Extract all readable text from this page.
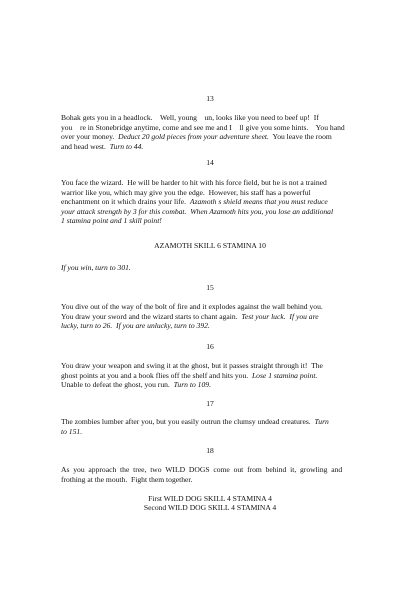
13

Bohak gets you in a headlock.    Well, young    un, looks like you need to beef up!  If

you    re in Stonebridge anytime, come and see me and I    ll give you some hints.    You hand

over your money.  Deduct 20 gold pieces from your adventure sheet.  You leave the room

and head west.  Turn to 44.

14

You face the wizard.  He will be harder to hit with his force field, but he is not a trained

warrior like you, which may give you the edge.  However, his staff has a powerful

enchantment on it which drains your life.  Azamoth s shield means that you must reduce

your attack strength by 3 for this combat.  When Azamoth hits you, you lose an additional

1 stamina point and 1 skill point!

AZAMOTH SKILL 6 STAMINA 10
If you win, turn to 301.
15

You dive out of the way of the bolt of fire and it explodes against the wall behind you.

You draw your sword and the wizard starts to chant again.  Test your luck.  If you are

lucky, turn to 26.  If you are unlucky, turn to 392.

16

You draw your weapon and swing it at the ghost, but it passes straight through it!  The

ghost points at you and a book flies off the shelf and hits you.  Lose 1 stamina point.

Unable to defeat the ghost, you run.  Turn to 109.

17

The zombies lumber after you, but you easily outrun the clumsy undead creatures.  Turn

to 151.

18

As  you  approach  the  tree,  two  WILD  DOGS  come  out  from  behind  it,  growling  and

frothing at the mouth.  Fight them together.

First WILD DOG SKILL 4 STAMINA 4
Second WILD DOG SKILL 4 STAMINA 4
